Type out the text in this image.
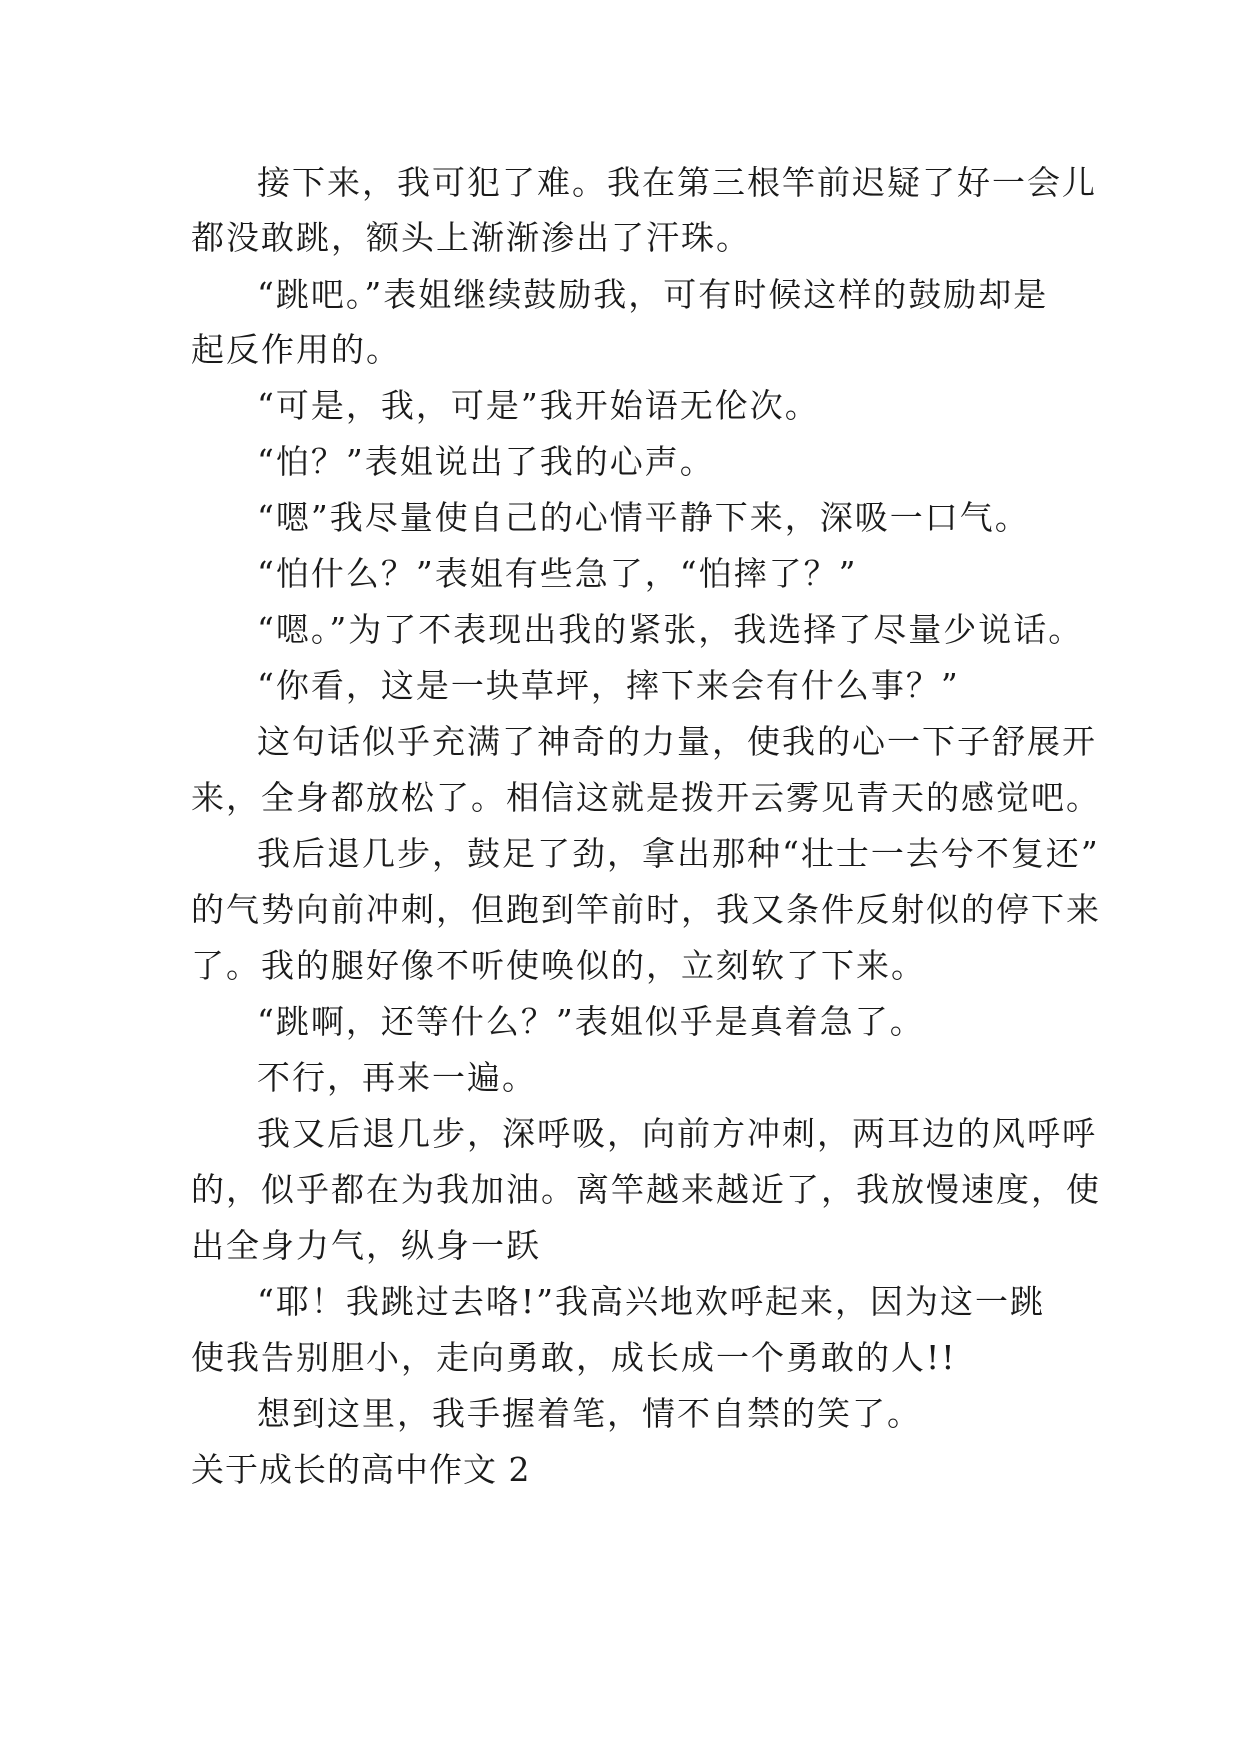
接下来，我可犯了难。我在第三根竿前迟疑了好一会儿
都没敢跳，额头上渐渐渗出了汗珠。
“跳吧。”表姐继续鼓励我，可有时候这样的鼓励却是
起反作用的。
“可是，我，可是”我开始语无伦次。
“怕？”表姐说出了我的心声。
“嗯”我尽量使自己的心情平静下来，深吸一口气。
“怕什么？”表姐有些急了，“怕摔了？”
“嗯。”为了不表现出我的紧张，我选择了尽量少说话。
“你看，这是一块草坪，摔下来会有什么事？”
这句话似乎充满了神奇的力量，使我的心一下子舒展开
来，全身都放松了。相信这就是拨开云雾见青天的感觉吧。
我后退几步，鼓足了劲，拿出那种“壮士一去兮不复还”
的气势向前冲刺，但跑到竿前时，我又条件反射似的停下来
了。我的腿好像不听使唤似的，立刻软了下来。
“跳啊，还等什么？”表姐似乎是真着急了。
不行，再来一遍。
我又后退几步，深呼吸，向前方冲刺，两耳边的风呼呼
的，似乎都在为我加油。离竿越来越近了，我放慢速度，使
出全身力气，纵身一跃
“耶！我跳过去咯!”我高兴地欢呼起来，因为这一跳
使我告别胆小，走向勇敢，成长成一个勇敢的人!!
想到这里，我手握着笔，情不自禁的笑了。
关于成长的高中作文 2
